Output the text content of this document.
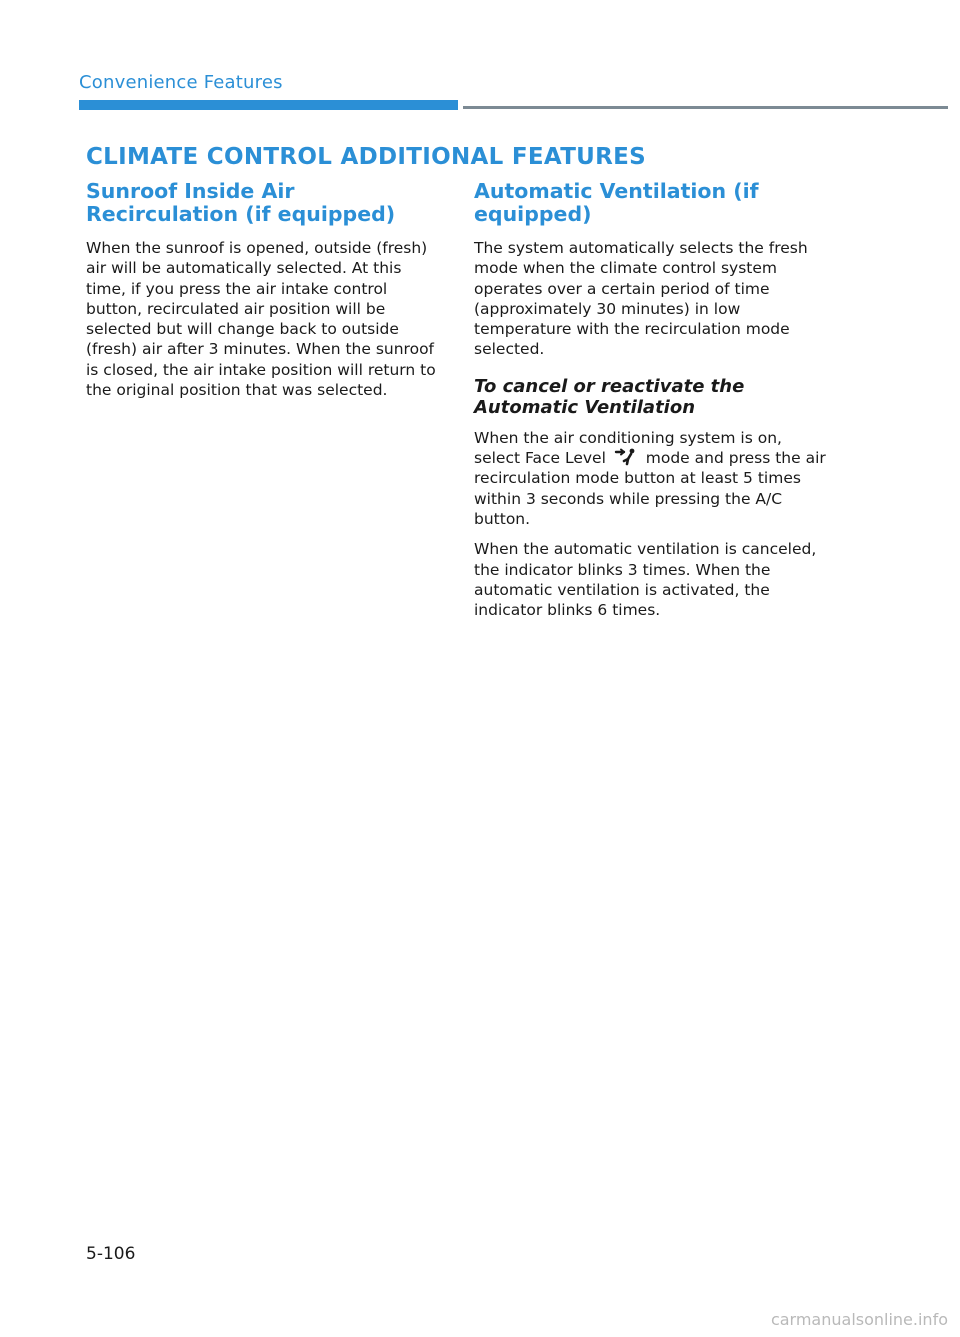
Convenience Features
CLIMATE CONTROL ADDITIONAL FEATURES
Sunroof Inside Air Recirculation (if equipped)

When the sunroof is opened, outside (fresh) air will be automatically selected. At this time, if you press the air intake control button, recirculated air position will be selected but will change back to outside (fresh) air after 3 minutes. When the sunroof is closed, the air intake position will return to the original position that was selected.

Automatic Ventilation (if equipped)

The system automatically selects the fresh mode when the climate control system operates over a certain period of time (approximately 30 minutes) in low temperature with the recirculation mode selected.

To cancel or reactivate the Automatic Ventilation

When the air conditioning system is on, select Face Level	mode and press the air recirculation mode button at least 5 times within 3 seconds while pressing the A/C button.

When the automatic ventilation is canceled, the indicator blinks 3 times. When the automatic ventilation is activated, the indicator blinks 6 times.

5-106
carmanualsonline.info
